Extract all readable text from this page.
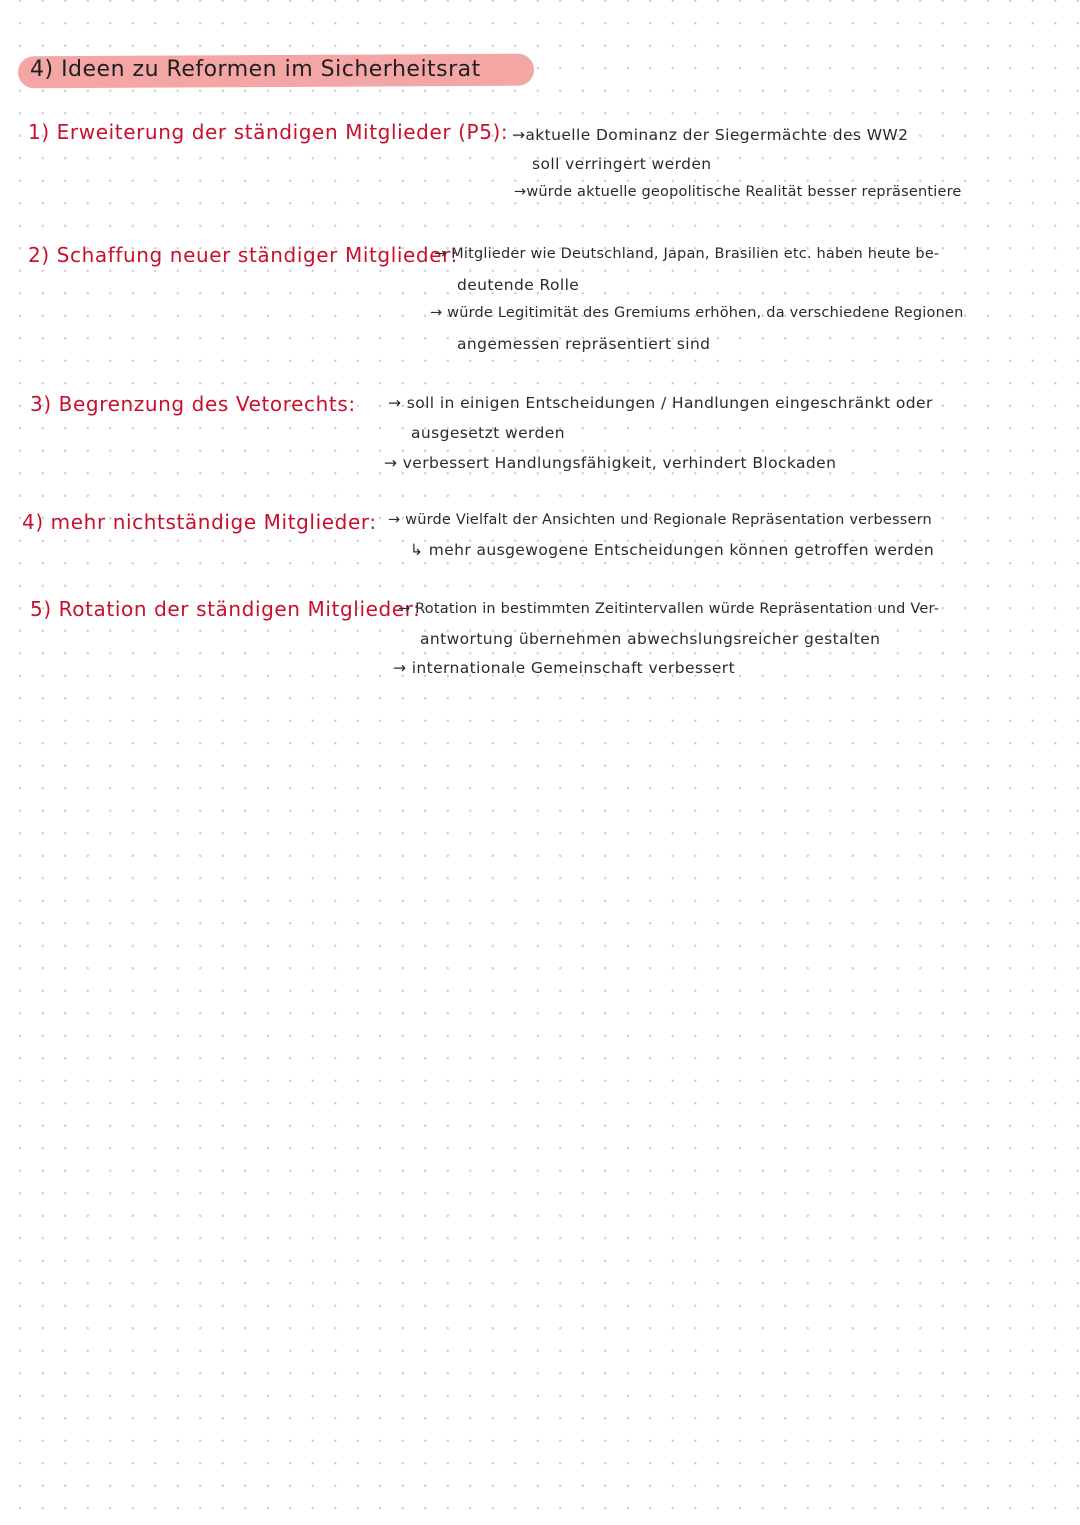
4) Ideen zu Reformen im Sicherheitsrat
1) Erweiterung der ständigen Mitglieder (P5): →aktuelle Dominanz der Siegermächte des WW2
soll verringert werden
→würde aktuelle geopolitische Realität besser repräsentiere
2) Schaffung neuer ständiger Mitglieder:
→ Mitglieder wie Deutschland, Japan, Brasilien etc. haben heute be-
deutende Rolle
→ würde Legitimität des Gremiums erhöhen, da verschiedene Regionen
angemessen repräsentiert sind
3) Begrenzung des Vetorechts: → soll in einigen Entscheidungen / Handlungen eingeschränkt oder
ausgesetzt werden
→ verbessert Handlungsfähigkeit, verhindert Blockaden
4) mehr nichtständige Mitglieder: → würde Vielfalt der Ansichten und Regionale Repräsentation verbessern
↳ mehr ausgewogene Entscheidungen können getroffen werden
5) Rotation der ständigen Mitglieder:
→ Rotation in bestimmten Zeitintervallen würde Repräsentation und Ver-
antwortung übernehmen abwechslungsreicher gestalten
→ internationale Gemeinschaft verbessert
